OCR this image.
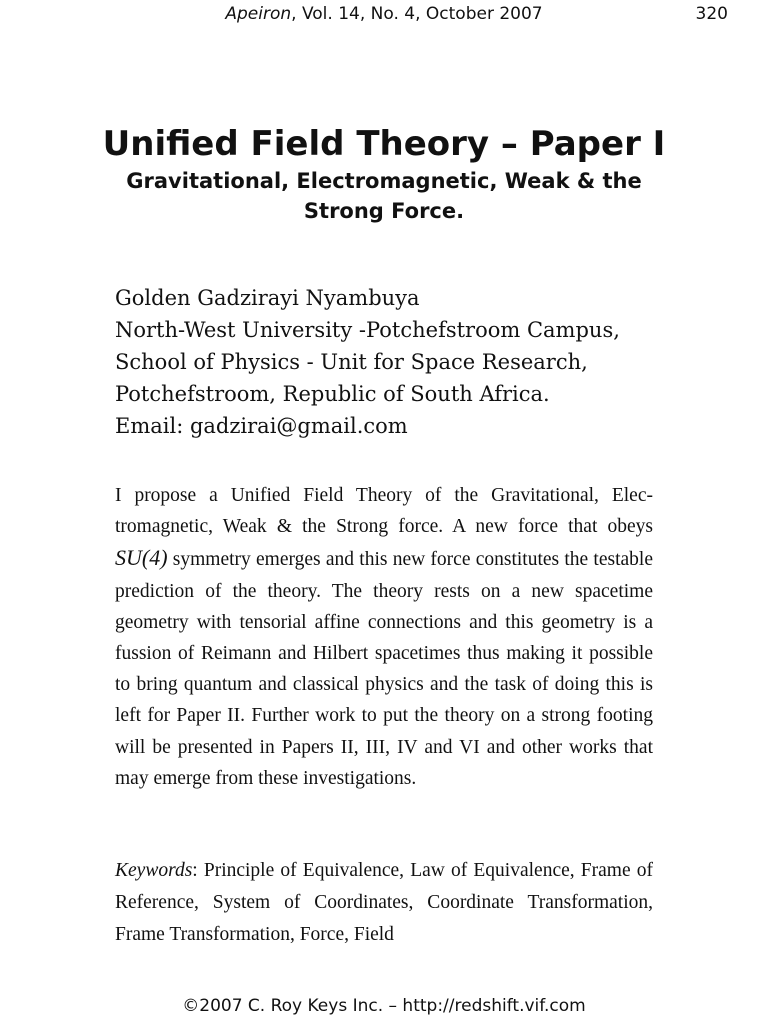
Apeiron, Vol. 14, No. 4, October 2007	320
Unified Field Theory – Paper I
Gravitational, Electromagnetic, Weak & the Strong Force.
Golden Gadzirayi Nyambuya
North-West University -Potchefstroom Campus,
School of Physics - Unit for Space Research,
Potchefstroom, Republic of South Africa.
Email: gadzirai@gmail.com
I propose a Unified Field Theory of the Gravitational, Electromagnetic, Weak & the Strong force. A new force that obeys SU(4) symmetry emerges and this new force constitutes the testable prediction of the theory. The theory rests on a new spacetime geometry with tensorial affine connections and this geometry is a fussion of Reimann and Hilbert spacetimes thus making it possible to bring quantum and classical physics and the task of doing this is left for Paper II. Further work to put the theory on a strong footing will be presented in Papers II, III, IV and VI and other works that may emerge from these investigations.
Keywords: Principle of Equivalence, Law of Equivalence, Frame of Reference, System of Coordinates, Coordinate Transformation, Frame Transformation, Force, Field
©2007 C. Roy Keys Inc. – http://redshift.vif.com
